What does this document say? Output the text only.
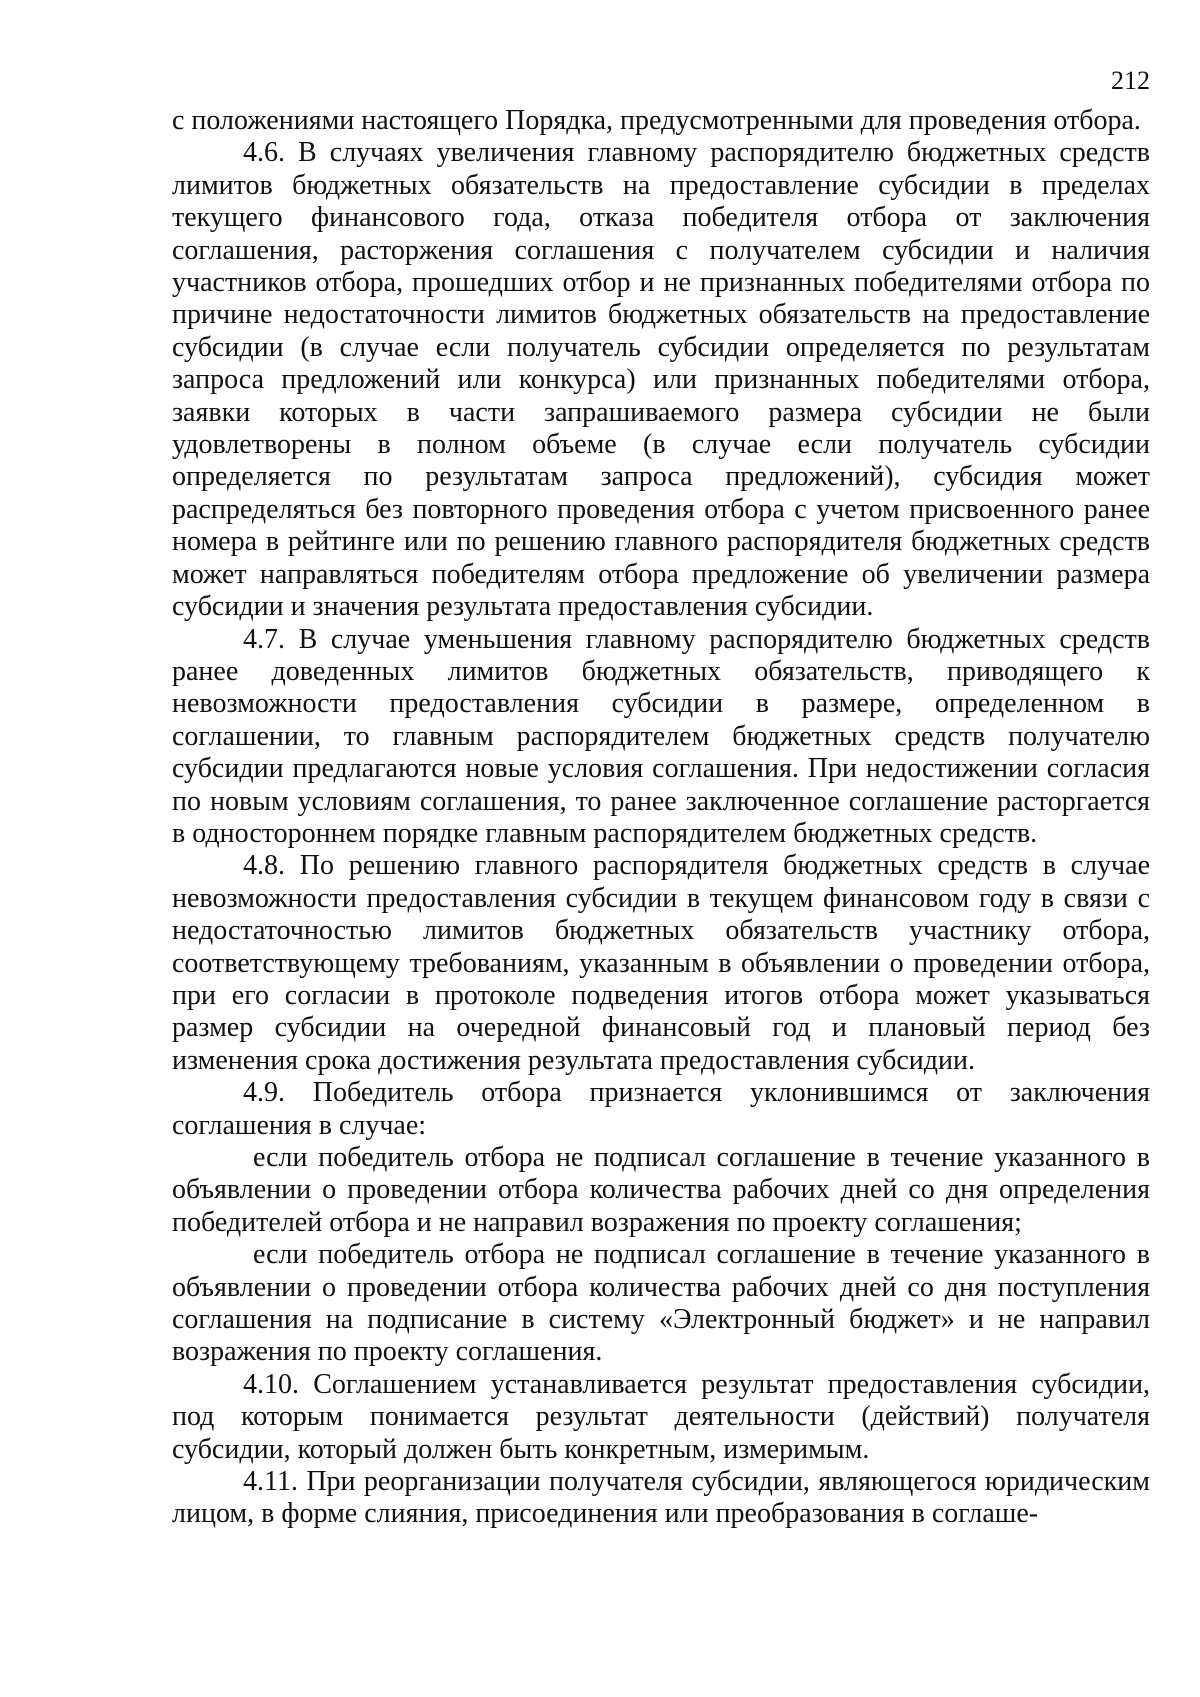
212

с положениями настоящего Порядка, предусмотренными для проведения отбора.

4.6. В случаях увеличения главному распорядителю бюджетных средств лимитов бюджетных обязательств на предоставление субсидии в пределах текущего финансового года, отказа победителя отбора от заключения соглашения, расторжения соглашения с получателем субсидии и наличия участников отбора, прошедших отбор и не признанных победителями отбора по причине недостаточности лимитов бюджетных обязательств на предоставление субсидии (в случае если получатель субсидии определяется по результатам запроса предложений или конкурса) или признанных победителями отбора, заявки которых в части запрашиваемого размера субсидии не были удовлетворены в полном объеме (в случае если получатель субсидии определяется по результатам запроса предложений), субсидия может распределяться без повторного проведения отбора с учетом присвоенного ранее номера в рейтинге или по решению главного распорядителя бюджетных средств может направляться победителям отбора предложение об увеличении размера субсидии и значения результата предоставления субсидии.

4.7. В случае уменьшения главному распорядителю бюджетных средств ранее доведенных лимитов бюджетных обязательств, приводящего к невозможности предоставления субсидии в размере, определенном в соглашении, то главным распорядителем бюджетных средств получателю субсидии предлагаются новые условия соглашения. При недостижении согласия по новым условиям соглашения, то ранее заключенное соглашение расторгается в одностороннем порядке главным распорядителем бюджетных средств.

4.8. По решению главного распорядителя бюджетных средств в случае невозможности предоставления субсидии в текущем финансовом году в связи с недостаточностью лимитов бюджетных обязательств участнику отбора, соответствующему требованиям, указанным в объявлении о проведении отбора, при его согласии в протоколе подведения итогов отбора может указываться размер субсидии на очередной финансовый год и плановый период без изменения срока достижения результата предоставления субсидии.

4.9. Победитель отбора признается уклонившимся от заключения соглашения в случае:

если победитель отбора не подписал соглашение в течение указанного в объявлении о проведении отбора количества рабочих дней со дня определения победителей отбора и не направил возражения по проекту соглашения;

если победитель отбора не подписал соглашение в течение указанного в объявлении о проведении отбора количества рабочих дней со дня поступления соглашения на подписание в систему «Электронный бюджет» и не направил возражения по проекту соглашения.

4.10. Соглашением устанавливается результат предоставления субсидии, под которым понимается результат деятельности (действий) получателя субсидии, который должен быть конкретным, измеримым.

4.11. При реорганизации получателя субсидии, являющегося юридическим лицом, в форме слияния, присоединения или преобразования в соглаше-
